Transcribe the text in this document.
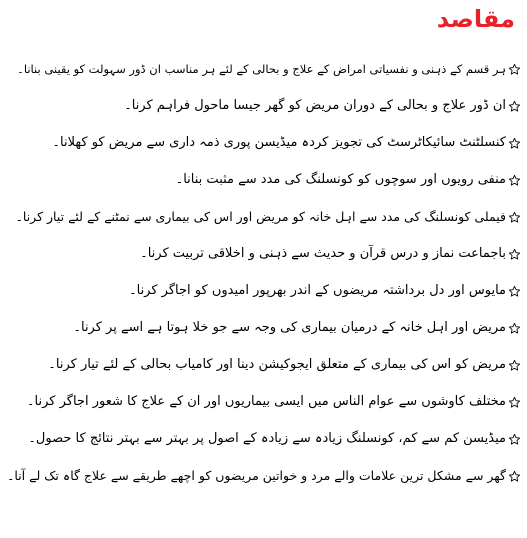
مقاصد
ہر قسم کے ذہنی و نفسیاتی امراض کے علاج و بحالی کے لئے ہر مناسب ان ڈور سہولت کو یقینی بنانا۔
ان ڈور علاج و بحالی کے دوران مریض کو گھر جیسا ماحول فراہم کرنا۔
کنسلٹنٹ سائیکاٹرسٹ کی تجویز کردہ میڈیسن پوری ذمہ داری سے مریض کو کھلانا۔
منفی رویوں اور سوچوں کو کونسلنگ کی مدد سے مثبت بنانا۔
فیملی کونسلنگ کی مدد سے اہل خانہ کو مریض اور اس کی بیماری سے نمٹنے کے لئے تیار کرنا۔
باجماعت نماز و درس قرآن و حدیث سے ذہنی و اخلاقی تربیت کرنا۔
مایوس اور دل برداشتہ مریضوں کے اندر بھرپور امیدوں کو اجاگر کرنا۔
مریض اور اہل خانہ کے درمیان بیماری کی وجہ سے جو خلا ہوتا ہے اسے پر کرنا۔
مریض کو اس کی بیماری کے متعلق ایجوکیشن دینا اور کامیاب بحالی کے لئے تیار کرنا۔
مختلف کاوشوں سے عوام الناس میں ایسی بیماریوں اور ان کے علاج کا شعور اجاگر کرنا۔
میڈیسن کم سے کم، کونسلنگ زیادہ سے زیادہ کے اصول پر بہتر سے بہتر نتائج کا حصول۔
گھر سے مشکل ترین علامات والے مرد و خواتین مریضوں کو اچھے طریقے سے علاج گاہ تک لے آنا۔
